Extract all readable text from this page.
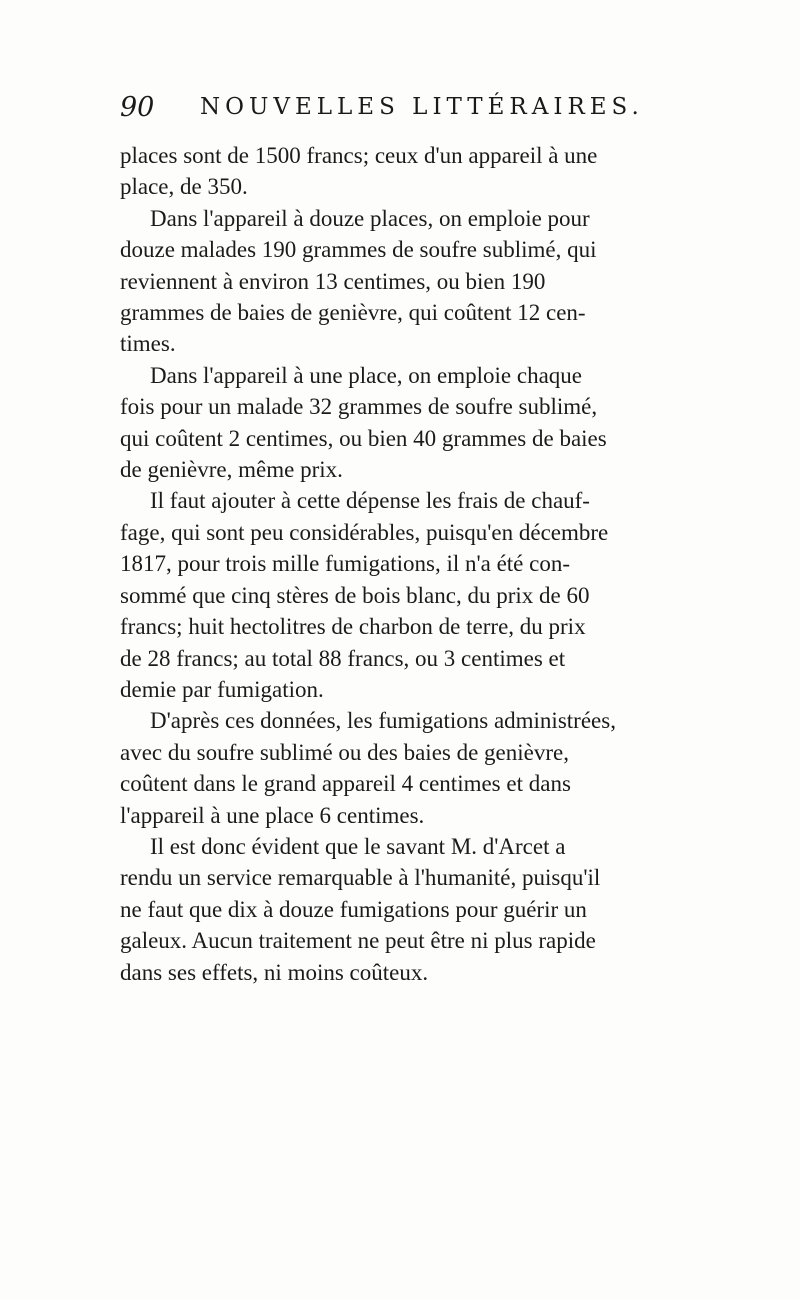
90 NOUVELLES LITTÉRAIRES.

places sont de 1500 francs; ceux d'un appareil à une
place, de 350.

Dans l'appareil à douze places, on emploie pour
douze malades 190 grammes de soufre sublimé, qui
reviennent à environ 13 centimes, ou bien 190
grammes de baies de genièvre, qui coûtent 12 cen-
times.

Dans l'appareil à une place, on emploie chaque
fois pour un malade 32 grammes de soufre sublimé,
qui coûtent 2 centimes, ou bien 40 grammes de baies
de genièvre, même prix.

Il faut ajouter à cette dépense les frais de chauf-
fage, qui sont peu considérables, puisqu'en décembre
1817, pour trois mille fumigations, il n'a été con-
sommé que cinq stères de bois blanc, du prix de 60
francs; huit hectolitres de charbon de terre, du prix
de 28 francs; au total 88 francs, ou 3 centimes et
demie par fumigation.

D'après ces données, les fumigations administrées,
avec du soufre sublimé ou des baies de genièvre,
coûtent dans le grand appareil 4 centimes et dans
l'appareil à une place 6 centimes.

Il est donc évident que le savant M. d'Arcet a
rendu un service remarquable à l'humanité, puisqu'il
ne faut que dix à douze fumigations pour guérir un
galeux. Aucun traitement ne peut être ni plus rapide
dans ses effets, ni moins coûteux.
